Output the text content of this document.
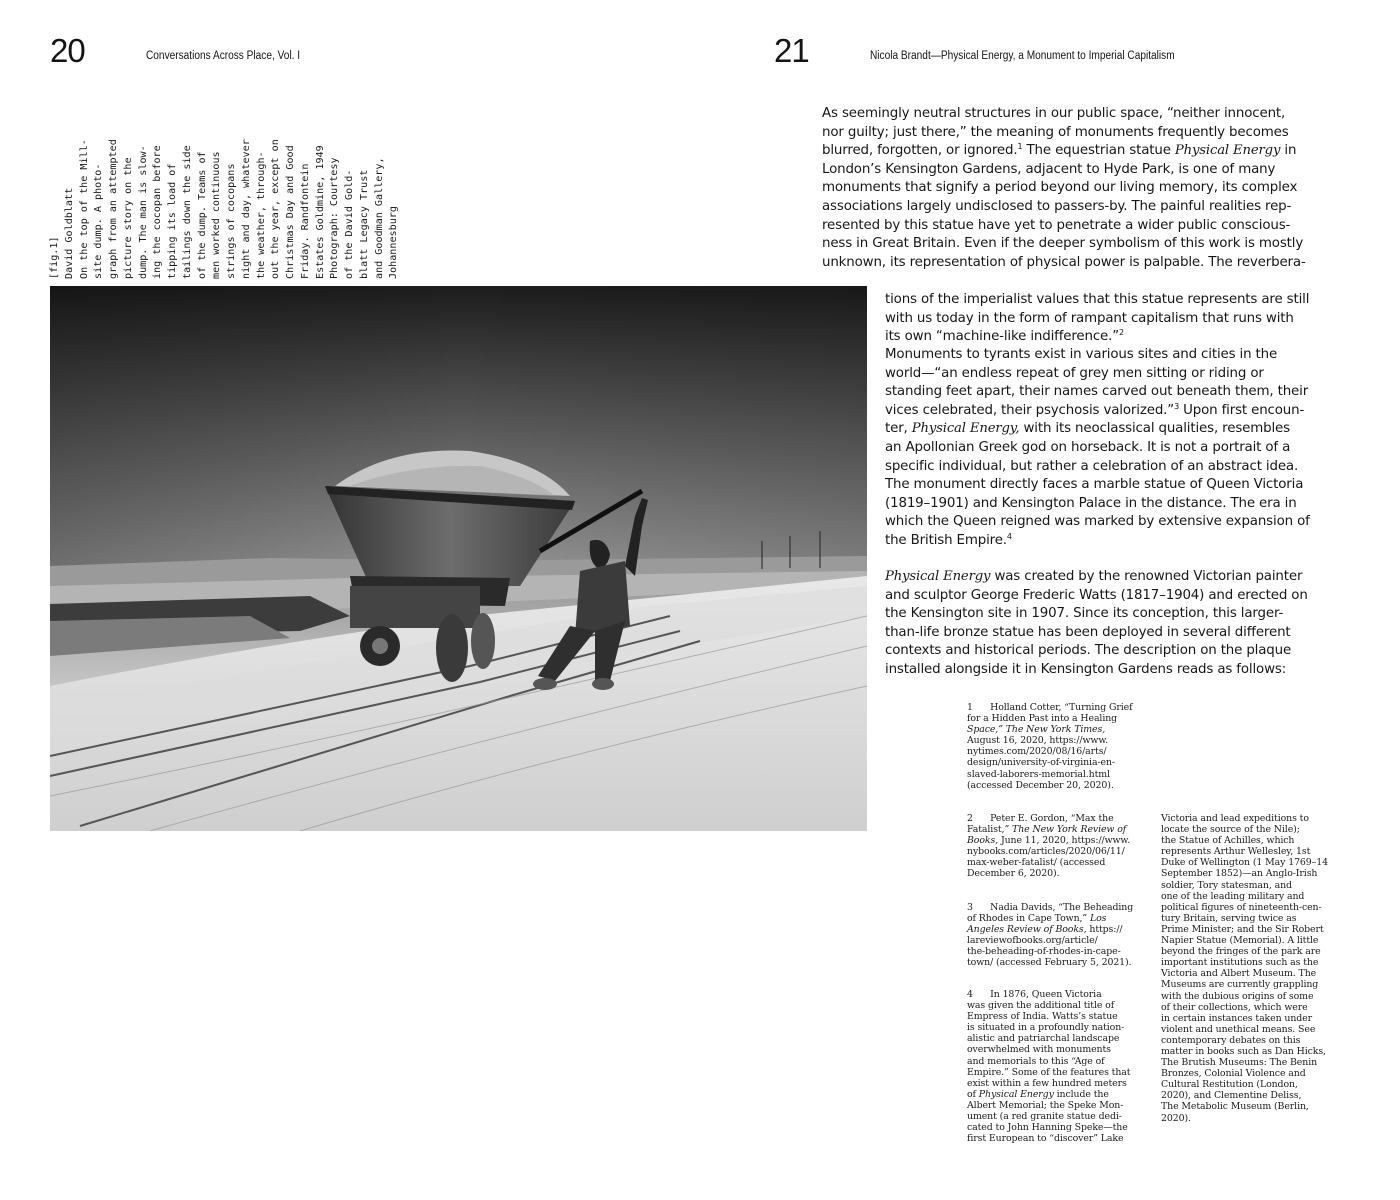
20	Conversations Across Place, Vol. I
[fig.1] David Goldblatt On the top of the Mill- site dump. A photo- graph from an attempted picture story on the dump. The man is slow- ing the cocopan before tipping its load of tailings down the side of the dump. Teams of men worked continuous strings of cocopans night and day, whatever the weather, through- out the year, except on Christmas Day and Good Friday. Randfontein Estates Goldmine, 1949 Photograph: Courtesy of the David Gold- blatt Legacy Trust and Goodman Gallery, Johannesburg
21	Nicola Brandt—Physical Energy, a Monument to Imperial Capitalism
As seemingly neutral structures in our public space, “neither innocent,
nor guilty; just there,” the meaning of monuments frequently becomes
blurred, forgotten, or ignored.$^1$ The equestrian statue Physical Energy in
London’s Kensington Gardens, adjacent to Hyde Park, is one of many
monuments that signify a period beyond our living memory, its complex
associations largely undisclosed to passers-by. The painful realities rep-
resented by this statue have yet to penetrate a wider public conscious-
ness in Great Britain. Even if the deeper symbolism of this work is mostly
unknown, its representation of physical power is palpable. The reverbera-
tions of the imperialist values that this statue represents are still
with us today in the form of rampant capitalism that runs with
its own “machine-like indifference.”$^2$
Monuments to tyrants exist in various sites and cities in the
world—“an endless repeat of grey men sitting or riding or
standing feet apart, their names carved out beneath them, their
vices celebrated, their psychosis valorized.”$^3$ Upon first encoun-
ter, Physical Energy, with its neoclassical qualities, resembles
an Apollonian Greek god on horseback. It is not a portrait of a
specific individual, but rather a celebration of an abstract idea.
The monument directly faces a marble statue of Queen Victoria
(1819–1901) and Kensington Palace in the distance. The era in
which the Queen reigned was marked by extensive expansion of
the British Empire.$^4$
Physical Energy was created by the renowned Victorian painter
and sculptor George Frederic Watts (1817–1904) and erected on
the Kensington site in 1907. Since its conception, this larger-
than-life bronze statue has been deployed in several different
contexts and historical periods. The description on the plaque
installed alongside it in Kensington Gardens reads as follows:
1      Holland Cotter, “Turning Grief
for a Hidden Past into a Healing
Space,” The New York Times,
August 16, 2020, https://www.
nytimes.com/2020/08/16/arts/
design/university-of-virginia-en-
slaved-laborers-memorial.html
(accessed December 20, 2020).
2      Peter E. Gordon, “Max the
Fatalist,” The New York Review of
Books, June 11, 2020, https://www.
nybooks.com/articles/2020/06/11/
max-weber-fatalist/ (accessed
December 6, 2020).
3      Nadia Davids, “The Beheading
of Rhodes in Cape Town,” Los
Angeles Review of Books, https://
lareviewofbooks.org/article/
the-beheading-of-rhodes-in-cape-
town/ (accessed February 5, 2021).
4      In 1876, Queen Victoria
was given the additional title of
Empress of India. Watts’s statue
is situated in a profoundly nation-
alistic and patriarchal landscape
overwhelmed with monuments
and memorials to this “Age of
Empire.” Some of the features that
exist within a few hundred meters
of Physical Energy include the
Albert Memorial; the Speke Mon-
ument (a red granite statue dedi-
cated to John Hanning Speke—the
first European to “discover” Lake
Victoria and lead expeditions to
locate the source of the Nile);
the Statue of Achilles, which
represents Arthur Wellesley, 1st
Duke of Wellington (1 May 1769–14
September 1852)—an Anglo-Irish
soldier, Tory statesman, and
one of the leading military and
political figures of nineteenth-cen-
tury Britain, serving twice as
Prime Minister; and the Sir Robert
Napier Statue (Memorial). A little
beyond the fringes of the park are
important institutions such as the
Victoria and Albert Museum. The
Museums are currently grappling
with the dubious origins of some
of their collections, which were
in certain instances taken under
violent and unethical means. See
contemporary debates on this
matter in books such as Dan Hicks,
The Brutish Museums: The Benin
Bronzes, Colonial Violence and
Cultural Restitution (London,
2020), and Clementine Deliss,
The Metabolic Museum (Berlin,
2020).
